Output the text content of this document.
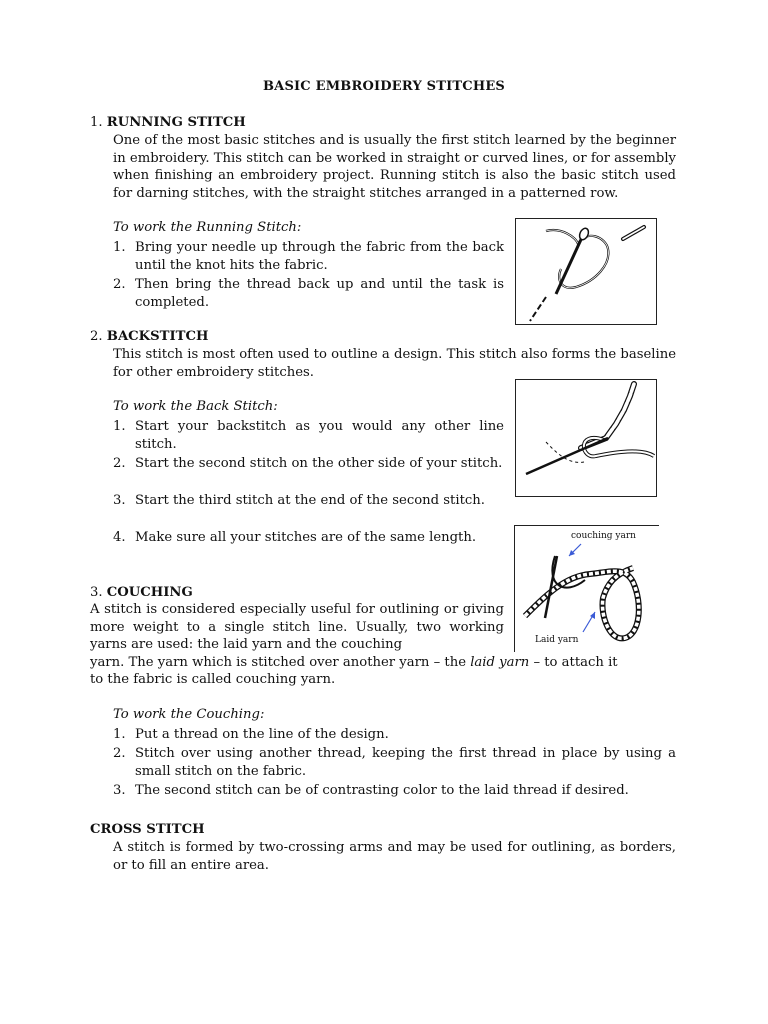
BASIC EMBROIDERY STITCHES
1. RUNNING STITCH
One of the most basic stitches and is usually the first stitch learned by the beginner in embroidery. This stitch can be worked in straight or curved lines, or for assembly when finishing an embroidery project. Running stitch is also the basic stitch used for darning stitches, with the straight stitches arranged in a patterned row.
To work the Running Stitch:
1. Bring your needle up through the fabric from the back until the knot hits the fabric.
2. Then bring the thread back up and until the task is completed.
2. BACKSTITCH
This stitch is most often used to outline a design. This stitch also forms the baseline for other embroidery stitches.
To work the Back Stitch:
1. Start your backstitch as you would any other line stitch.
2. Start the second stitch on the other side of your stitch.
3. Start the third stitch at the end of the second stitch.
4. Make sure all your stitches are of the same length.
3. COUCHING
A stitch is considered especially useful for outlining or giving more weight to a single stitch line. Usually, two working yarns are used: the laid yarn and the couching
yarn. The yarn which is stitched over another yarn – the laid yarn – to attach it
to the fabric is called couching yarn.
To work the Couching:
1. Put a thread on the line of the design.
2. Stitch over using another thread, keeping the first thread in place by using a small stitch on the fabric.
3. The second stitch can be of contrasting color to the laid thread if desired.
couching yarn
Laid yarn
CROSS STITCH
A stitch is formed by two-crossing arms and may be used for outlining, as borders, or to fill an entire area.
